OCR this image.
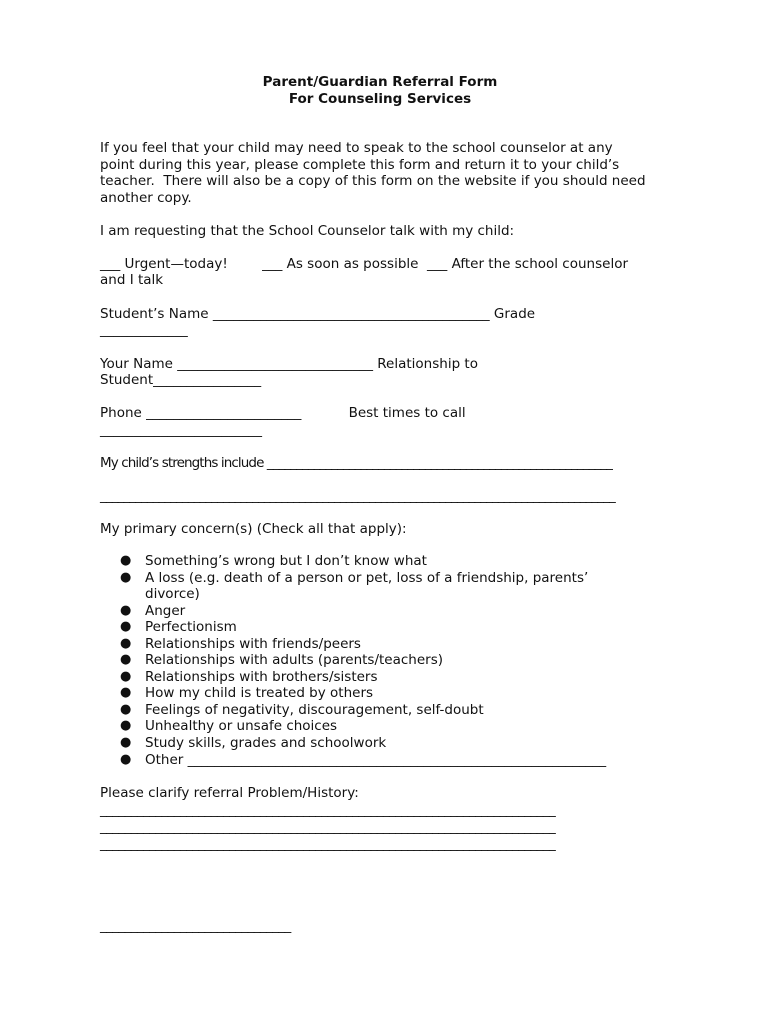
Parent/Guardian Referral Form
For Counseling Services
If you feel that your child may need to speak to the school counselor at any
point during this year, please complete this form and return it to your child’s
teacher.  There will also be a copy of this form on the website if you should need
another copy.
I am requesting that the School Counselor talk with my child:
___ Urgent—today!        ___ As soon as possible  ___ After the school counselor
and I talk
Student’s Name _________________________________________ Grade
_____________
Your Name _____________________________ Relationship to
Student________________
Phone _______________________           Best times to call
________________________
My child’s strengths include ___________________________________________________________
________________________________________________________________________________________
My primary concern(s) (Check all that apply):
● Something’s wrong but I don’t know what
● A loss (e.g. death of a person or pet, loss of a friendship, parents’
divorce)
● Anger
● Perfectionism
● Relationships with friends/peers
● Relationships with adults (parents/teachers)
● Relationships with brothers/sisters
● How my child is treated by others
● Feelings of negativity, discouragement, self-doubt
● Unhealthy or unsafe choices
● Study skills, grades and schoolwork
● Other ______________________________________________________________
Please clarify referral Problem/History:
__________________________________________________________________________
__________________________________________________________________________
__________________________________________________________________________
_______________________________
